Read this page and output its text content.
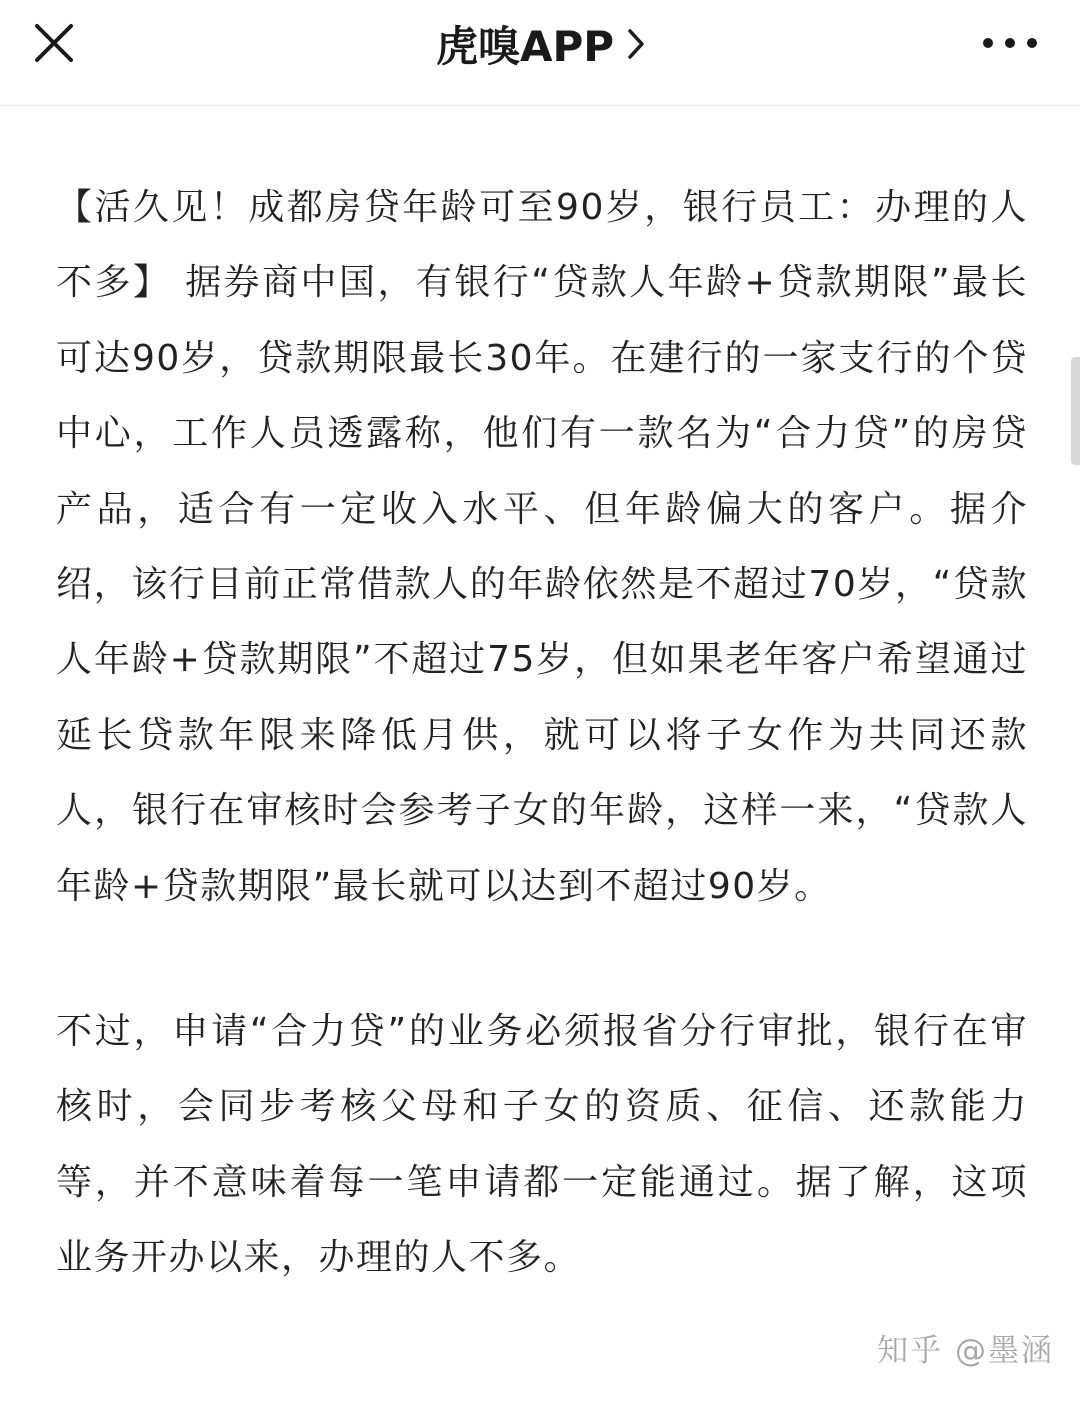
虎嗅APP

【活久见！成都房贷年龄可至90岁，银行员工：办理的人不多】 据券商中国，有银行“贷款人年龄+贷款期限”最长可达90岁，贷款期限最长30年。在建行的一家支行的个贷中心，工作人员透露称，他们有一款名为“合力贷”的房贷产品，适合有一定收入水平、但年龄偏大的客户。据介绍，该行目前正常借款人的年龄依然是不超过70岁，“贷款人年龄+贷款期限”不超过75岁，但如果老年客户希望通过延长贷款年限来降低月供，就可以将子女作为共同还款人，银行在审核时会参考子女的年龄，这样一来，“贷款人年龄+贷款期限”最长就可以达到不超过90岁。

不过，申请“合力贷”的业务必须报省分行审批，银行在审核时，会同步考核父母和子女的资质、征信、还款能力等，并不意味着每一笔申请都一定能通过。据了解，这项业务开办以来，办理的人不多。

知乎 @墨涵
